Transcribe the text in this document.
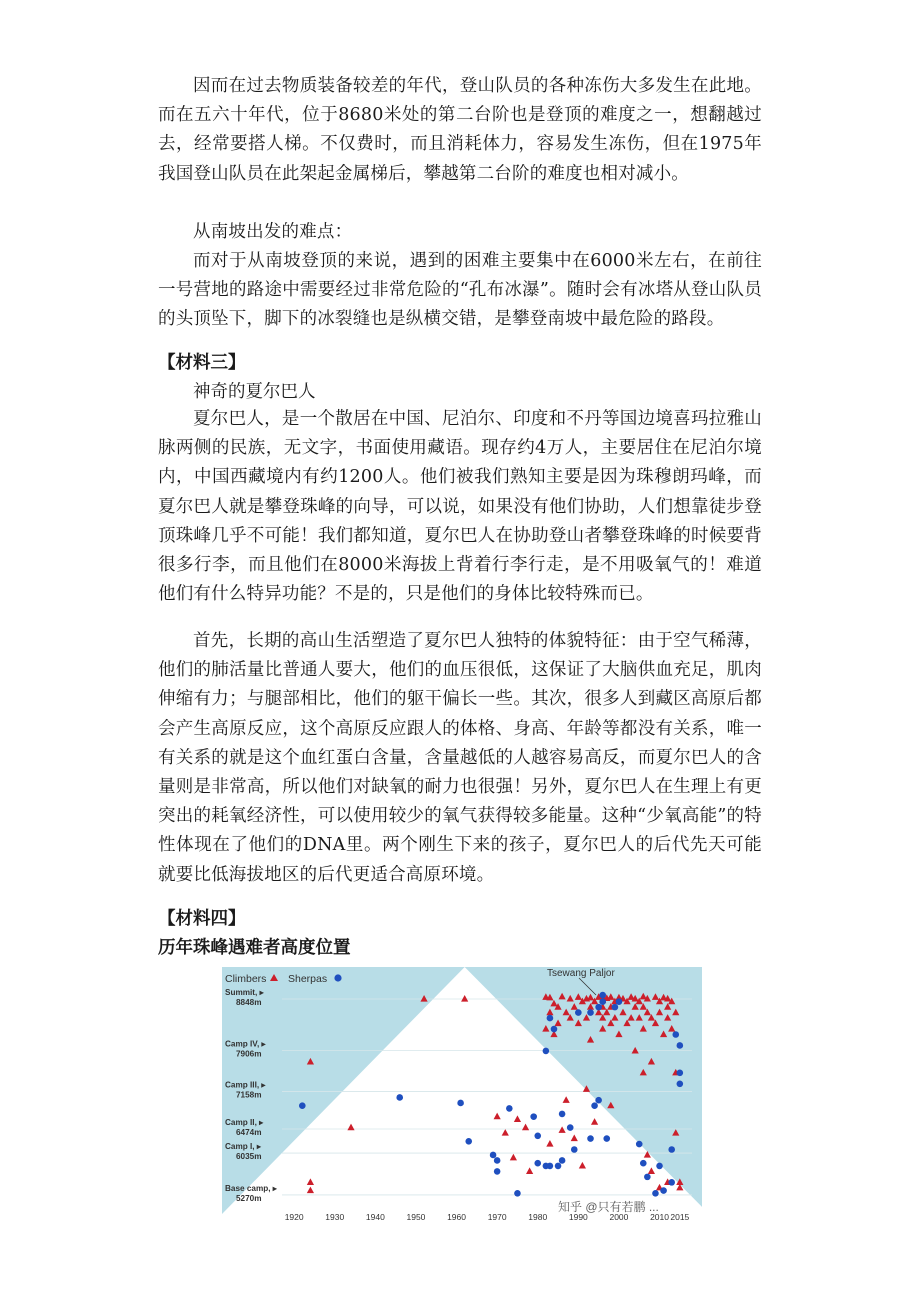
因而在过去物质装备较差的年代，登山队员的各种冻伤大多发生在此地。而在五六十年代，位于8680米处的第二台阶也是登顶的难度之一，想翻越过去，经常要搭人梯。不仅费时，而且消耗体力，容易发生冻伤，但在1975年我国登山队员在此架起金属梯后，攀越第二台阶的难度也相对减小。

从南坡出发的难点：

而对于从南坡登顶的来说，遇到的困难主要集中在6000米左右，在前往一号营地的路途中需要经过非常危险的“孔布冰瀑”。随时会有冰塔从登山队员的头顶坠下，脚下的冰裂缝也是纵横交错，是攀登南坡中最危险的路段。

【材料三】

神奇的夏尔巴人

夏尔巴人，是一个散居在中国、尼泊尔、印度和不丹等国边境喜玛拉雅山脉两侧的民族，无文字，书面使用藏语。现存约4万人，主要居住在尼泊尔境内，中国西藏境内有约1200人。他们被我们熟知主要是因为珠穆朗玛峰，而夏尔巴人就是攀登珠峰的向导，可以说，如果没有他们协助，人们想靠徒步登顶珠峰几乎不可能！我们都知道，夏尔巴人在协助登山者攀登珠峰的时候要背很多行李，而且他们在8000米海拔上背着行李行走，是不用吸氧气的！难道他们有什么特异功能？不是的，只是他们的身体比较特殊而已。

首先，长期的高山生活塑造了夏尔巴人独特的体貌特征：由于空气稀薄，他们的肺活量比普通人要大，他们的血压很低，这保证了大脑供血充足，肌肉伸缩有力；与腿部相比，他们的躯干偏长一些。其次，很多人到藏区高原后都会产生高原反应，这个高原反应跟人的体格、身高、年龄等都没有关系，唯一有关系的就是这个血红蛋白含量，含量越低的人越容易高反，而夏尔巴人的含量则是非常高，所以他们对缺氧的耐力也很强！另外，夏尔巴人在生理上有更突出的耗氧经济性，可以使用较少的氧气获得较多能量。这种“少氧高能”的特性体现在了他们的DNA里。两个刚生下来的孩子，夏尔巴人的后代先天可能就要比低海拔地区的后代更适合高原环境。

【材料四】

历年珠峰遇难者高度位置

Summit, ▸
8848m
Camp IV, ▸
7906m
Camp III, ▸
7158m
Camp II, ▸
6474m
Camp I, ▸
6035m
Base camp, ▸
5270m
1920	1930	1940	1950	1960	1970	1980	1990	2000	2010 2015
Climbers Sherpas	Tsewang Paljor
知乎 @只有若鹏 ...
